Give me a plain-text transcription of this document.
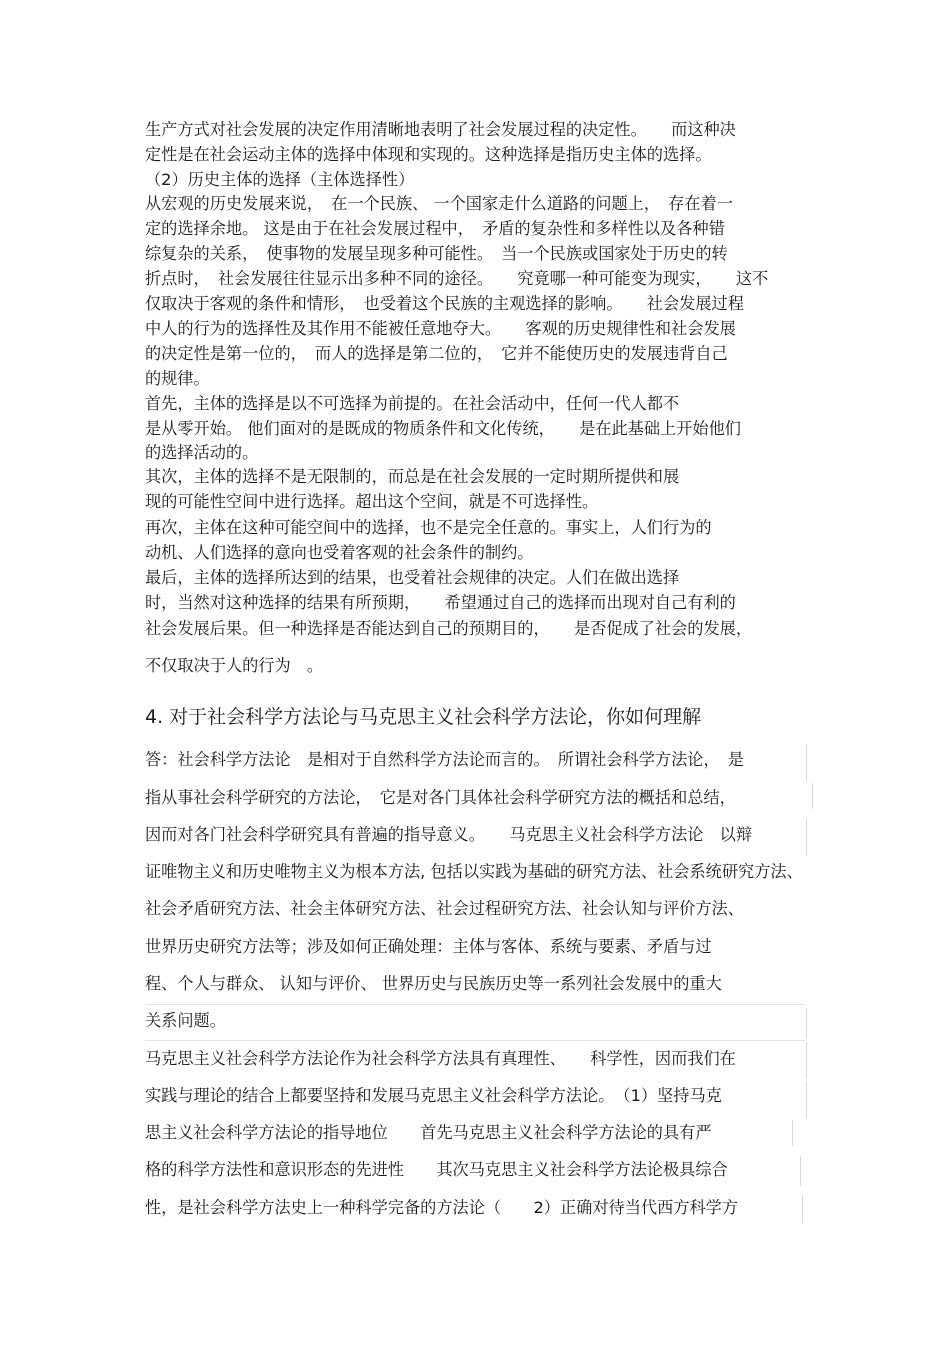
生产方式对社会发展的决定作用清晰地表明了社会发展过程的决定性。　　而这种决
定性是在社会运动主体的选择中体现和实现的。这种选择是指历史主体的选择。
（2）历史主体的选择（主体选择性）
从宏观的历史发展来说，　在一个民族、 一个国家走什么道路的问题上，　存在着一
定的选择余地。 这是由于在社会发展过程中，　矛盾的复杂性和多样性以及各种错
综复杂的关系，　使事物的发展呈现多种可能性。　当一个民族或国家处于历史的转
折点时，　社会发展往往显示出多种不同的途径。　　究竟哪一种可能变为现实，　　这不
仅取决于客观的条件和情形，　也受着这个民族的主观选择的影响。　　社会发展过程
中人的行为的选择性及其作用不能被任意地夺大。　　客观的历史规律性和社会发展
的决定性是第一位的，　而人的选择是第二位的，　它并不能使历史的发展违背自己
的规律。
首先，主体的选择是以不可选择为前提的。在社会活动中，任何一代人都不
是从零开始。 他们面对的是既成的物质条件和文化传统，　　是在此基础上开始他们
的选择活动的。
其次，主体的选择不是无限制的，而总是在社会发展的一定时期所提供和展
现的可能性空间中进行选择。超出这个空间，就是不可选择性。
再次，主体在这种可能空间中的选择，也不是完全任意的。事实上，人们行为的
动机、人们选择的意向也受着客观的社会条件的制约。
最后，主体的选择所达到的结果，也受着社会规律的决定。人们在做出选择
时，当然对这种选择的结果有所预期，　　希望通过自己的选择而出现对自己有利的
社会发展后果。但一种选择是否能达到自己的预期目的，　　是否促成了社会的发展，
不仅取决于人的行为　。
4. 对于社会科学方法论与马克思主义社会科学方法论，你如何理解
答：社会科学方法论　是相对于自然科学方法论而言的。　所谓社会科学方法论，　是
指从事社会科学研究的方法论，　它是对各门具体社会科学研究方法的概括和总结，
因而对各门社会科学研究具有普遍的指导意义。　　马克思主义社会科学方法论　以辩
证唯物主义和历史唯物主义为根本方法, 包括以实践为基础的研究方法、社会系统研究方法、
社会矛盾研究方法、社会主体研究方法、社会过程研究方法、社会认知与评价方法、
世界历史研究方法等；涉及如何正确处理：主体与客体、系统与要素、矛盾与过
程、个人与群众、 认知与评价、 世界历史与民族历史等一系列社会发展中的重大
关系问题。
马克思主义社会科学方法论作为社会科学方法具有真理性、　　科学性，因而我们在
实践与理论的结合上都要坚持和发展马克思主义社会科学方法论。　（1）坚持马克
思主义社会科学方法论的指导地位　　首先马克思主义社会科学方法论的具有严
格的科学方法性和意识形态的先进性　　其次马克思主义社会科学方法论极具综合
性，是社会科学方法史上一种科学完备的方法论（　　2）正确对待当代西方科学方
